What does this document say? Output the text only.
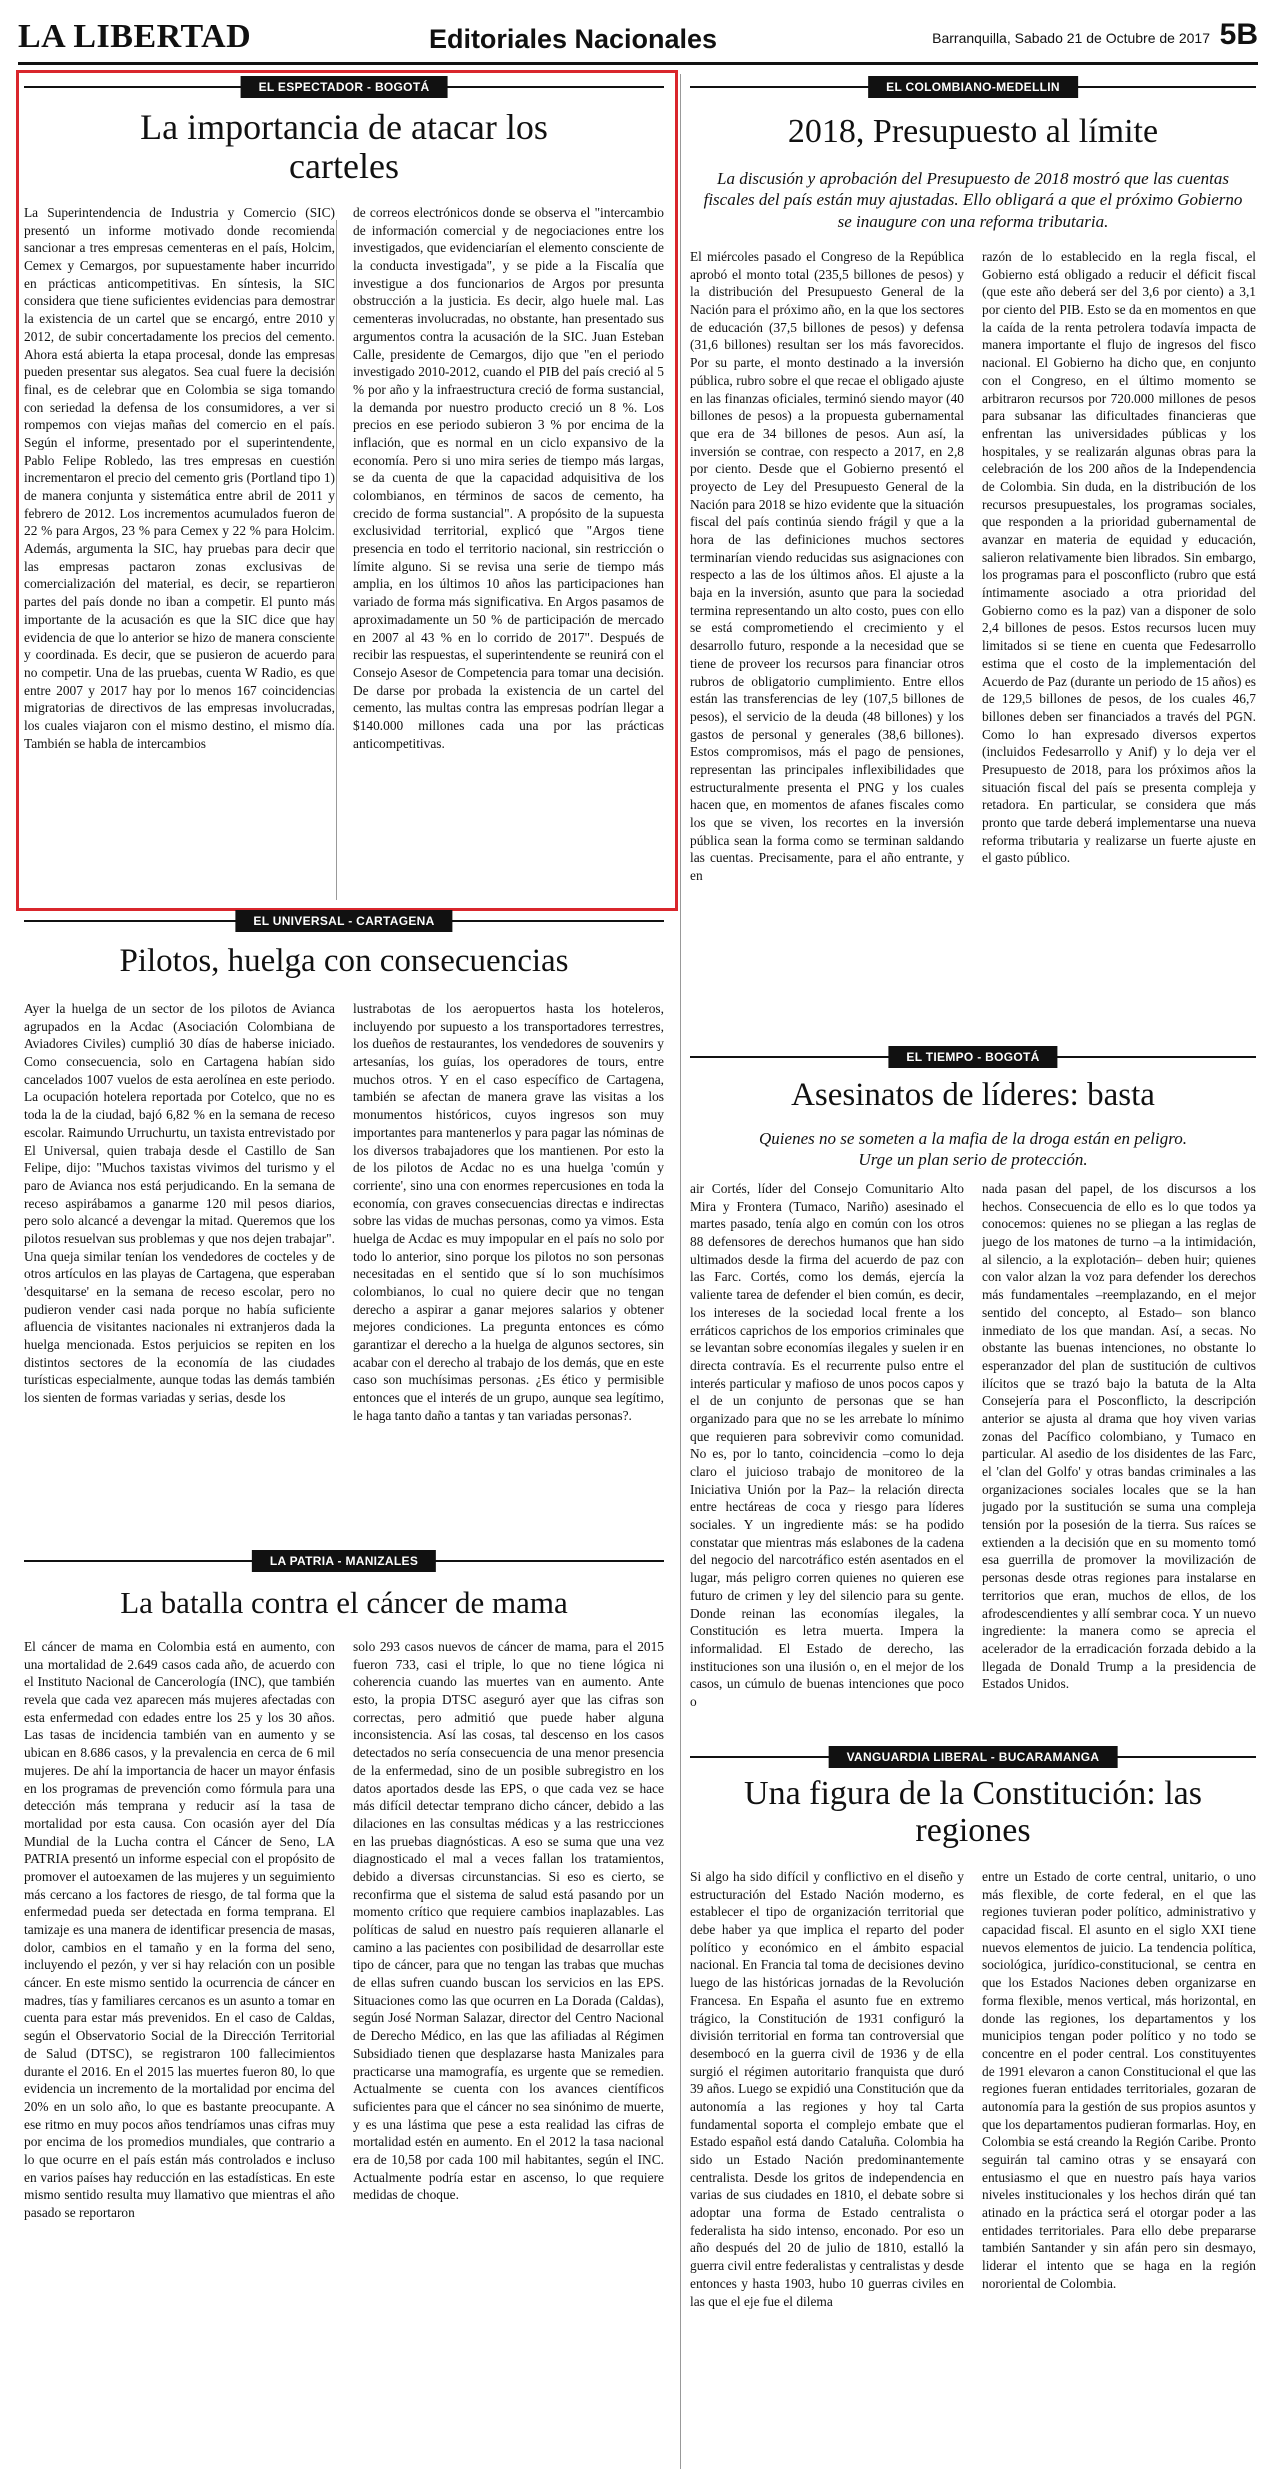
LA LIBERTAD	Editoriales Nacionales	Barranquilla, Sabado 21 de Octubre de 2017 5B
EL ESPECTADOR - BOGOTÁ
La importancia de atacar los carteles
La Superintendencia de Industria y Comercio (SIC) presentó un informe motivado donde recomienda sancionar a tres empresas cementeras en el país, Holcim, Cemex y Cemargos, por supuestamente haber incurrido en prácticas anticompetitivas. En síntesis, la SIC considera que tiene suficientes evidencias para demostrar la existencia de un cartel que se encargó, entre 2010 y 2012, de subir concertadamente los precios del cemento. Ahora está abierta la etapa procesal, donde las empresas pueden presentar sus alegatos. Sea cual fuere la decisión final, es de celebrar que en Colombia se siga tomando con seriedad la defensa de los consumidores, a ver si rompemos con viejas mañas del comercio en el país. Según el informe, presentado por el superintendente, Pablo Felipe Robledo, las tres empresas en cuestión incrementaron el precio del cemento gris (Portland tipo 1) de manera conjunta y sistemática entre abril de 2011 y febrero de 2012. Los incrementos acumulados fueron de 22 % para Argos, 23 % para Cemex y 22 % para Holcim. Además, argumenta la SIC, hay pruebas para decir que las empresas pactaron zonas exclusivas de comercialización del material, es decir, se repartieron partes del país donde no iban a competir. El punto más importante de la acusación es que la SIC dice que hay evidencia de que lo anterior se hizo de manera consciente y coordinada. Es decir, que se pusieron de acuerdo para no competir. Una de las pruebas, cuenta W Radio, es que entre 2007 y 2017 hay por lo menos 167 coincidencias migratorias de directivos de las empresas involucradas, los cuales viajaron con el mismo destino, el mismo día. También se habla de intercambios
de correos electrónicos donde se observa el "intercambio de información comercial y de negociaciones entre los investigados, que evidenciarían el elemento consciente de la conducta investigada", y se pide a la Fiscalía que investigue a dos funcionarios de Argos por presunta obstrucción a la justicia. Es decir, algo huele mal. Las cementeras involucradas, no obstante, han presentado sus argumentos contra la acusación de la SIC. Juan Esteban Calle, presidente de Cemargos, dijo que "en el periodo investigado 2010-2012, cuando el PIB del país creció al 5 % por año y la infraestructura creció de forma sustancial, la demanda por nuestro producto creció un 8 %. Los precios en ese periodo subieron 3 % por encima de la inflación, que es normal en un ciclo expansivo de la economía. Pero si uno mira series de tiempo más largas, se da cuenta de que la capacidad adquisitiva de los colombianos, en términos de sacos de cemento, ha crecido de forma sustancial". A propósito de la supuesta exclusividad territorial, explicó que "Argos tiene presencia en todo el territorio nacional, sin restricción o límite alguno. Si se revisa una serie de tiempo más amplia, en los últimos 10 años las participaciones han variado de forma más significativa. En Argos pasamos de aproximadamente un 50 % de participación de mercado en 2007 al 43 % en lo corrido de 2017". Después de recibir las respuestas, el superintendente se reunirá con el Consejo Asesor de Competencia para tomar una decisión. De darse por probada la existencia de un cartel del cemento, las multas contra las empresas podrían llegar a $140.000 millones cada una por las prácticas anticompetitivas.
EL COLOMBIANO-MEDELLIN
2018, Presupuesto al límite
La discusión y aprobación del Presupuesto de 2018 mostró que las cuentas fiscales del país están muy ajustadas. Ello obligará a que el próximo Gobierno se inaugure con una reforma tributaria.
El miércoles pasado el Congreso de la República aprobó el monto total (235,5 billones de pesos) y la distribución del Presupuesto General de la Nación para el próximo año, en la que los sectores de educación (37,5 billones de pesos) y defensa (31,6 billones) resultan ser los más favorecidos. Por su parte, el monto destinado a la inversión pública, rubro sobre el que recae el obligado ajuste en las finanzas oficiales, terminó siendo mayor (40 billones de pesos) a la propuesta gubernamental que era de 34 billones de pesos. Aun así, la inversión se contrae, con respecto a 2017, en 2,8 por ciento. Desde que el Gobierno presentó el proyecto de Ley del Presupuesto General de la Nación para 2018 se hizo evidente que la situación fiscal del país continúa siendo frágil y que a la hora de las definiciones muchos sectores terminarían viendo reducidas sus asignaciones con respecto a las de los últimos años. El ajuste a la baja en la inversión, asunto que para la sociedad termina representando un alto costo, pues con ello se está comprometiendo el crecimiento y el desarrollo futuro, responde a la necesidad que se tiene de proveer los recursos para financiar otros rubros de obligatorio cumplimiento. Entre ellos están las transferencias de ley (107,5 billones de pesos), el servicio de la deuda (48 billones) y los gastos de personal y generales (38,6 billones). Estos compromisos, más el pago de pensiones, representan las principales inflexibilidades que estructuralmente presenta el PNG y los cuales hacen que, en momentos de afanes fiscales como los que se viven, los recortes en la inversión pública sean la forma como se terminan saldando las cuentas. Precisamente, para el año entrante, y en
razón de lo establecido en la regla fiscal, el Gobierno está obligado a reducir el déficit fiscal (que este año deberá ser del 3,6 por ciento) a 3,1 por ciento del PIB. Esto se da en momentos en que la caída de la renta petrolera todavía impacta de manera importante el flujo de ingresos del fisco nacional. El Gobierno ha dicho que, en conjunto con el Congreso, en el último momento se arbitraron recursos por 720.000 millones de pesos para subsanar las dificultades financieras que enfrentan las universidades públicas y los hospitales, y se realizarán algunas obras para la celebración de los 200 años de la Independencia de Colombia. Sin duda, en la distribución de los recursos presupuestales, los programas sociales, que responden a la prioridad gubernamental de avanzar en materia de equidad y educación, salieron relativamente bien librados. Sin embargo, los programas para el posconflicto (rubro que está íntimamente asociado a otra prioridad del Gobierno como es la paz) van a disponer de solo 2,4 billones de pesos. Estos recursos lucen muy limitados si se tiene en cuenta que Fedesarrollo estima que el costo de la implementación del Acuerdo de Paz (durante un periodo de 15 años) es de 129,5 billones de pesos, de los cuales 46,7 billones deben ser financiados a través del PGN. Como lo han expresado diversos expertos (incluidos Fedesarrollo y Anif) y lo deja ver el Presupuesto de 2018, para los próximos años la situación fiscal del país se presenta compleja y retadora. En particular, se considera que más pronto que tarde deberá implementarse una nueva reforma tributaria y realizarse un fuerte ajuste en el gasto público.
EL UNIVERSAL - CARTAGENA
Pilotos, huelga con consecuencias
Ayer la huelga de un sector de los pilotos de Avianca agrupados en la Acdac (Asociación Colombiana de Aviadores Civiles) cumplió 30 días de haberse iniciado. Como consecuencia, solo en Cartagena habían sido cancelados 1007 vuelos de esta aerolínea en este periodo. La ocupación hotelera reportada por Cotelco, que no es toda la de la ciudad, bajó 6,82 % en la semana de receso escolar. Raimundo Urruchurtu, un taxista entrevistado por El Universal, quien trabaja desde el Castillo de San Felipe, dijo: "Muchos taxistas vivimos del turismo y el paro de Avianca nos está perjudicando. En la semana de receso aspirábamos a ganarme 120 mil pesos diarios, pero solo alcancé a devengar la mitad. Queremos que los pilotos resuelvan sus problemas y que nos dejen trabajar". Una queja similar tenían los vendedores de cocteles y de otros artículos en las playas de Cartagena, que esperaban 'desquitarse' en la semana de receso escolar, pero no pudieron vender casi nada porque no había suficiente afluencia de visitantes nacionales ni extranjeros dada la huelga mencionada. Estos perjuicios se repiten en los distintos sectores de la economía de las ciudades turísticas especialmente, aunque todas las demás también los sienten de formas variadas y serias, desde los
lustrabotas de los aeropuertos hasta los hoteleros, incluyendo por supuesto a los transportadores terrestres, los dueños de restaurantes, los vendedores de souvenirs y artesanías, los guías, los operadores de tours, entre muchos otros. Y en el caso específico de Cartagena, también se afectan de manera grave las visitas a los monumentos históricos, cuyos ingresos son muy importantes para mantenerlos y para pagar las nóminas de los diversos trabajadores que los mantienen. Por esto la de los pilotos de Acdac no es una huelga 'común y corriente', sino una con enormes repercusiones en toda la economía, con graves consecuencias directas e indirectas sobre las vidas de muchas personas, como ya vimos. Esta huelga de Acdac es muy impopular en el país no solo por todo lo anterior, sino porque los pilotos no son personas necesitadas en el sentido que sí lo son muchísimos colombianos, lo cual no quiere decir que no tengan derecho a aspirar a ganar mejores salarios y obtener mejores condiciones. La pregunta entonces es cómo garantizar el derecho a la huelga de algunos sectores, sin acabar con el derecho al trabajo de los demás, que en este caso son muchísimas personas. ¿Es ético y permisible entonces que el interés de un grupo, aunque sea legítimo, le haga tanto daño a tantas y tan variadas personas?.
EL TIEMPO - BOGOTÁ
Asesinatos de líderes: basta
Quienes no se someten a la mafia de la droga están en peligro. Urge un plan serio de protección.
air Cortés, líder del Consejo Comunitario Alto Mira y Frontera (Tumaco, Nariño) asesinado el martes pasado, tenía algo en común con los otros 88 defensores de derechos humanos que han sido ultimados desde la firma del acuerdo de paz con las Farc. Cortés, como los demás, ejercía la valiente tarea de defender el bien común, es decir, los intereses de la sociedad local frente a los erráticos caprichos de los emporios criminales que se levantan sobre economías ilegales y suelen ir en directa contravía. Es el recurrente pulso entre el interés particular y mafioso de unos pocos capos y el de un conjunto de personas que se han organizado para que no se les arrebate lo mínimo que requieren para sobrevivir como comunidad. No es, por lo tanto, coincidencia –como lo deja claro el juicioso trabajo de monitoreo de la Iniciativa Unión por la Paz– la relación directa entre hectáreas de coca y riesgo para líderes sociales. Y un ingrediente más: se ha podido constatar que mientras más eslabones de la cadena del negocio del narcotráfico estén asentados en el lugar, más peligro corren quienes no quieren ese futuro de crimen y ley del silencio para su gente. Donde reinan las economías ilegales, la Constitución es letra muerta. Impera la informalidad. El Estado de derecho, las instituciones son una ilusión o, en el mejor de los casos, un cúmulo de buenas intenciones que poco o
nada pasan del papel, de los discursos a los hechos. Consecuencia de ello es lo que todos ya conocemos: quienes no se pliegan a las reglas de juego de los matones de turno –a la intimidación, al silencio, a la explotación– deben huir; quienes con valor alzan la voz para defender los derechos más fundamentales –reemplazando, en el mejor sentido del concepto, al Estado– son blanco inmediato de los que mandan. Así, a secas. No obstante las buenas intenciones, no obstante lo esperanzador del plan de sustitución de cultivos ilícitos que se trazó bajo la batuta de la Alta Consejería para el Posconflicto, la descripción anterior se ajusta al drama que hoy viven varias zonas del Pacífico colombiano, y Tumaco en particular. Al asedio de los disidentes de las Farc, el 'clan del Golfo' y otras bandas criminales a las organizaciones sociales locales que se la han jugado por la sustitución se suma una compleja tensión por la posesión de la tierra. Sus raíces se extienden a la decisión que en su momento tomó esa guerrilla de promover la movilización de personas desde otras regiones para instalarse en territorios que eran, muchos de ellos, de los afrodescendientes y allí sembrar coca. Y un nuevo ingrediente: la manera como se aprecia el acelerador de la erradicación forzada debido a la llegada de Donald Trump a la presidencia de Estados Unidos.
LA PATRIA - MANIZALES
La batalla contra el cáncer de mama
El cáncer de mama en Colombia está en aumento, con una mortalidad de 2.649 casos cada año, de acuerdo con el Instituto Nacional de Cancerología (INC), que también revela que cada vez aparecen más mujeres afectadas con esta enfermedad con edades entre los 25 y los 30 años. Las tasas de incidencia también van en aumento y se ubican en 8.686 casos, y la prevalencia en cerca de 6 mil mujeres. De ahí la importancia de hacer un mayor énfasis en los programas de prevención como fórmula para una detección más temprana y reducir así la tasa de mortalidad por esta causa. Con ocasión ayer del Día Mundial de la Lucha contra el Cáncer de Seno, LA PATRIA presentó un informe especial con el propósito de promover el autoexamen de las mujeres y un seguimiento más cercano a los factores de riesgo, de tal forma que la enfermedad pueda ser detectada en forma temprana. El tamizaje es una manera de identificar presencia de masas, dolor, cambios en el tamaño y en la forma del seno, incluyendo el pezón, y ver si hay relación con un posible cáncer. En este mismo sentido la ocurrencia de cáncer en madres, tías y familiares cercanos es un asunto a tomar en cuenta para estar más prevenidos. En el caso de Caldas, según el Observatorio Social de la Dirección Territorial de Salud (DTSC), se registraron 100 fallecimientos durante el 2016. En el 2015 las muertes fueron 80, lo que evidencia un incremento de la mortalidad por encima del 20% en un solo año, lo que es bastante preocupante. A ese ritmo en muy pocos años tendríamos unas cifras muy por encima de los promedios mundiales, que contrario a lo que ocurre en el país están más controlados e incluso en varios países hay reducción en las estadísticas. En este mismo sentido resulta muy llamativo que mientras el año pasado se reportaron
solo 293 casos nuevos de cáncer de mama, para el 2015 fueron 733, casi el triple, lo que no tiene lógica ni coherencia cuando las muertes van en aumento. Ante esto, la propia DTSC aseguró ayer que las cifras son correctas, pero admitió que puede haber alguna inconsistencia. Así las cosas, tal descenso en los casos detectados no sería consecuencia de una menor presencia de la enfermedad, sino de un posible subregistro en los datos aportados desde las EPS, o que cada vez se hace más difícil detectar temprano dicho cáncer, debido a las dilaciones en las consultas médicas y a las restricciones en las pruebas diagnósticas. A eso se suma que una vez diagnosticado el mal a veces fallan los tratamientos, debido a diversas circunstancias. Si eso es cierto, se reconfirma que el sistema de salud está pasando por un momento crítico que requiere cambios inaplazables. Las políticas de salud en nuestro país requieren allanarle el camino a las pacientes con posibilidad de desarrollar este tipo de cáncer, para que no tengan las trabas que muchas de ellas sufren cuando buscan los servicios en las EPS. Situaciones como las que ocurren en La Dorada (Caldas), según José Norman Salazar, director del Centro Nacional de Derecho Médico, en las que las afiliadas al Régimen Subsidiado tienen que desplazarse hasta Manizales para practicarse una mamografía, es urgente que se remedien. Actualmente se cuenta con los avances científicos suficientes para que el cáncer no sea sinónimo de muerte, y es una lástima que pese a esta realidad las cifras de mortalidad estén en aumento. En el 2012 la tasa nacional era de 10,58 por cada 100 mil habitantes, según el INC. Actualmente podría estar en ascenso, lo que requiere medidas de choque.
VANGUARDIA LIBERAL - BUCARAMANGA
Una figura de la Constitución: las regiones
Si algo ha sido difícil y conflictivo en el diseño y estructuración del Estado Nación moderno, es establecer el tipo de organización territorial que debe haber ya que implica el reparto del poder político y económico en el ámbito espacial nacional. En Francia tal toma de decisiones devino luego de las históricas jornadas de la Revolución Francesa. En España el asunto fue en extremo trágico, la Constitución de 1931 configuró la división territorial en forma tan controversial que desembocó en la guerra civil de 1936 y de ella surgió el régimen autoritario franquista que duró 39 años. Luego se expidió una Constitución que da autonomía a las regiones y hoy tal Carta fundamental soporta el complejo embate que el Estado español está dando Cataluña. Colombia ha sido un Estado Nación predominantemente centralista. Desde los gritos de independencia en varias de sus ciudades en 1810, el debate sobre si adoptar una forma de Estado centralista o federalista ha sido intenso, enconado. Por eso un año después del 20 de julio de 1810, estalló la guerra civil entre federalistas y centralistas y desde entonces y hasta 1903, hubo 10 guerras civiles en las que el eje fue el dilema
entre un Estado de corte central, unitario, o uno más flexible, de corte federal, en el que las regiones tuvieran poder político, administrativo y capacidad fiscal. El asunto en el siglo XXI tiene nuevos elementos de juicio. La tendencia política, sociológica, jurídico-constitucional, se centra en que los Estados Naciones deben organizarse en forma flexible, menos vertical, más horizontal, en donde las regiones, los departamentos y los municipios tengan poder político y no todo se concentre en el poder central. Los constituyentes de 1991 elevaron a canon Constitucional el que las regiones fueran entidades territoriales, gozaran de autonomía para la gestión de sus propios asuntos y que los departamentos pudieran formarlas. Hoy, en Colombia se está creando la Región Caribe. Pronto seguirán tal camino otras y se ensayará con entusiasmo el que en nuestro país haya varios niveles institucionales y los hechos dirán qué tan atinado en la práctica será el otorgar poder a las entidades territoriales. Para ello debe prepararse también Santander y sin afán pero sin desmayo, liderar el intento que se haga en la región nororiental de Colombia.
